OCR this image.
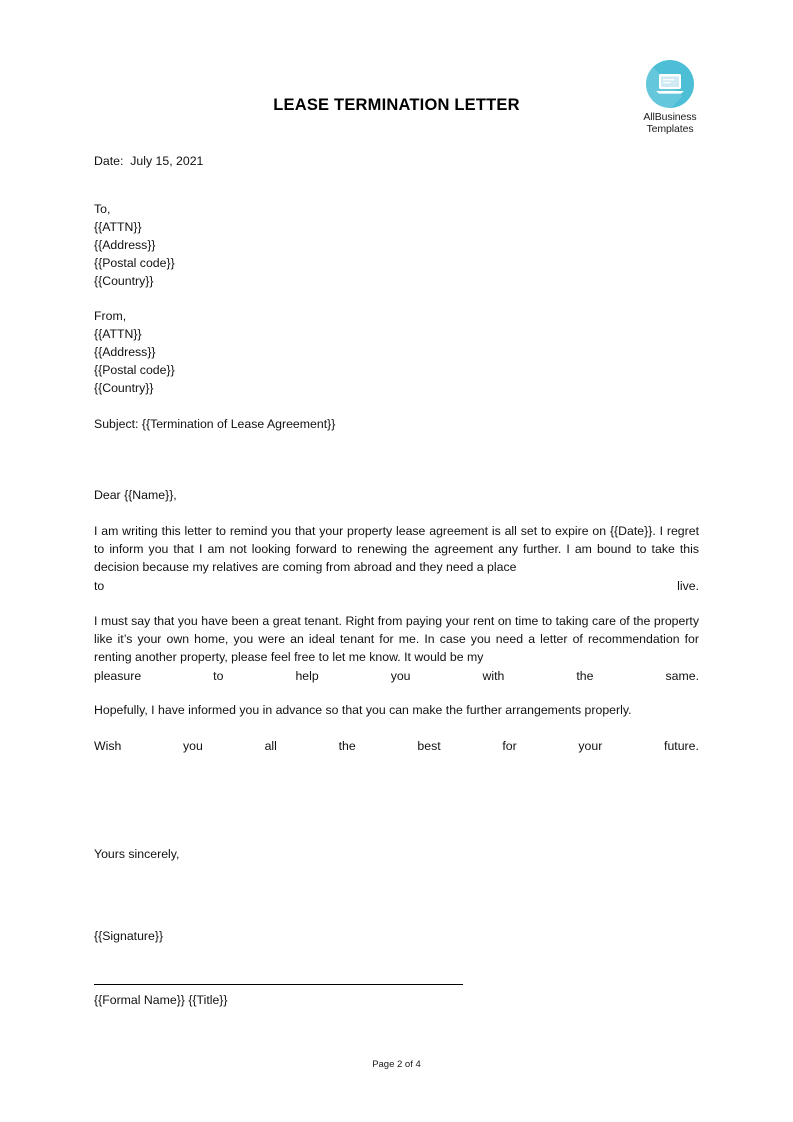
AllBusiness
Templates
LEASE TERMINATION LETTER
Date: July 15, 2021
To,
{{ATTN}}
{{Address}}
{{Postal code}}
{{Country}}
From,
{{ATTN}}
{{Address}}
{{Postal code}}
{{Country}}
Subject: {{Termination of Lease Agreement}}
Dear {{Name}},
I am writing this letter to remind you that your property lease agreement is all set to expire on {{Date}}. I regret to inform you that I am not looking forward to renewing the agreement any further. I am bound to take this decision because my relatives are coming from abroad and they need a place
to	live.
I must say that you have been a great tenant. Right from paying your rent on time to taking care of the property like it’s your own home, you were an ideal tenant for me. In case you need a letter of recommendation for renting another property, please feel free to let me know. It would be my
pleasure	to	help	you	with	the	same.
Hopefully, I have informed you in advance so that you can make the further arrangements properly.
Wish	you	all	the	best	for	your	future.
Yours sincerely,
{{Signature}}
{{Formal Name}} {{Title}}
Page 2 of 4
